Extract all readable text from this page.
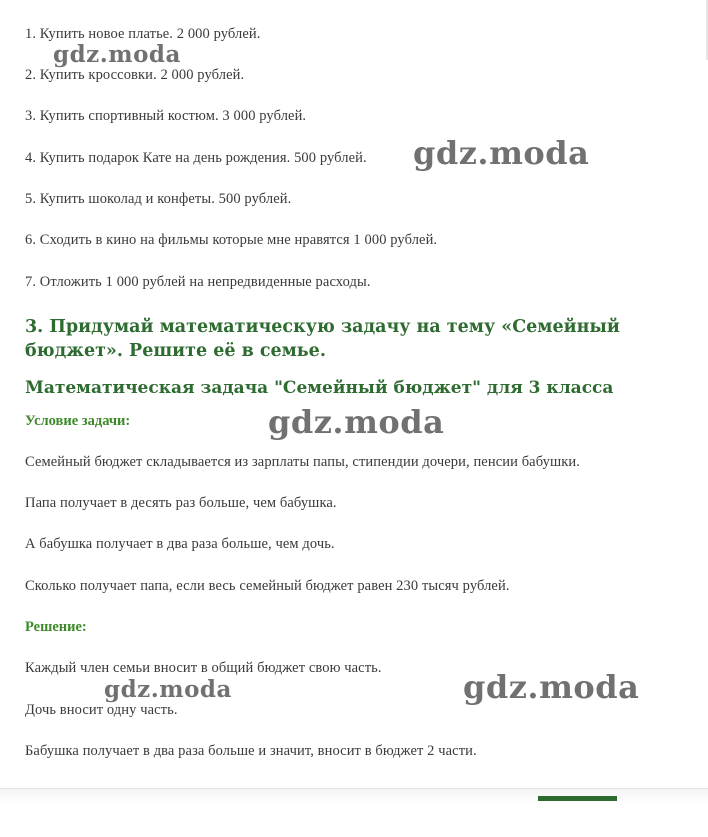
1. Купить новое платье. 2 000 рублей.
2. Купить кроссовки. 2 000 рублей.
3. Купить спортивный костюм. 3 000 рублей.
4. Купить подарок Кате на день рождения. 500 рублей.
5. Купить шоколад и конфеты. 500 рублей.
6. Сходить в кино на фильмы которые мне нравятся 1 000 рублей.
7. Отложить 1 000 рублей на непредвиденные расходы.
3. Придумай математическую задачу на тему «Семейный бюджет». Решите её в семье.
Математическая задача "Семейный бюджет" для 3 класса
Условие задачи:
Семейный бюджет складывается из зарплаты папы, стипендии дочери, пенсии бабушки.
Папа получает в десять раз больше, чем бабушка.
А бабушка получает в два раза больше, чем дочь.
Сколько получает папа, если весь семейный бюджет равен 230 тысяч рублей.
Решение:
Каждый член семьи вносит в общий бюджет свою часть.
Дочь вносит одну часть.
Бабушка получает в два раза больше и значит, вносит в бюджет 2 части.
gdz.moda
gdz.moda
gdz.moda
gdz.moda	gdz.moda
